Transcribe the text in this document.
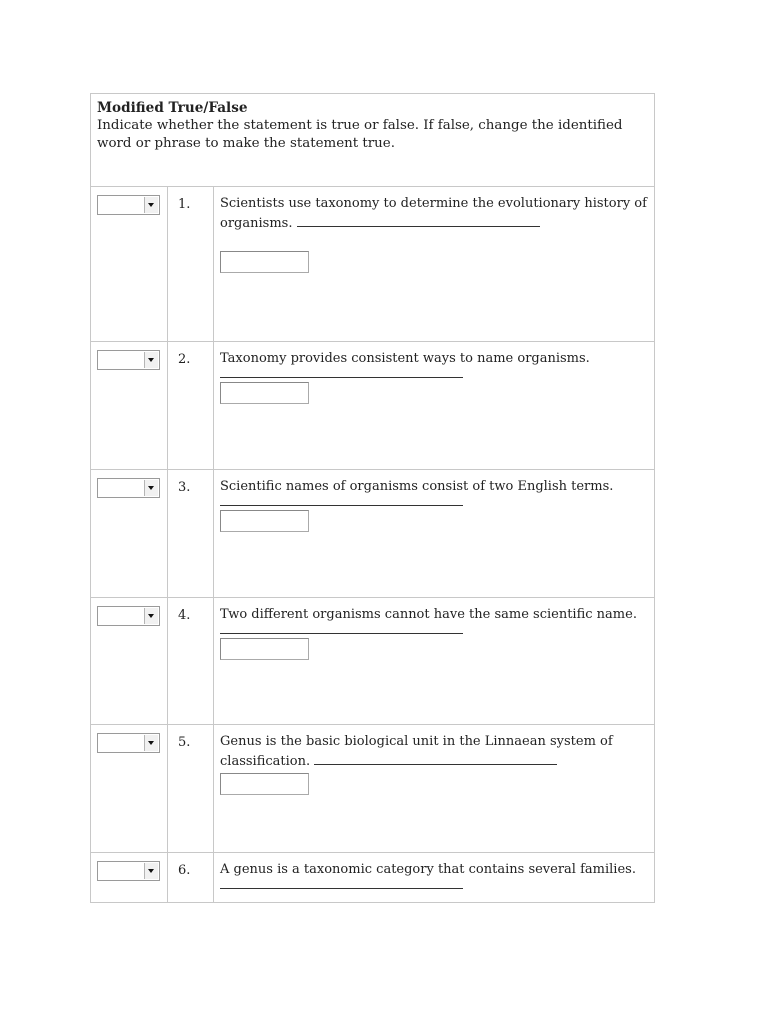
Modified True/False
Indicate whether the statement is true or false. If false, change the identified word or phrase to make the statement true.
1.	Scientists use taxonomy to determine the evolutionary history of organisms.
2.	Taxonomy provides consistent ways to name organisms.
3.	Scientific names of organisms consist of two English terms.
4.	Two different organisms cannot have the same scientific name.
5.	Genus is the basic biological unit in the Linnaean system of classification.
6.	A genus is a taxonomic category that contains several families.
